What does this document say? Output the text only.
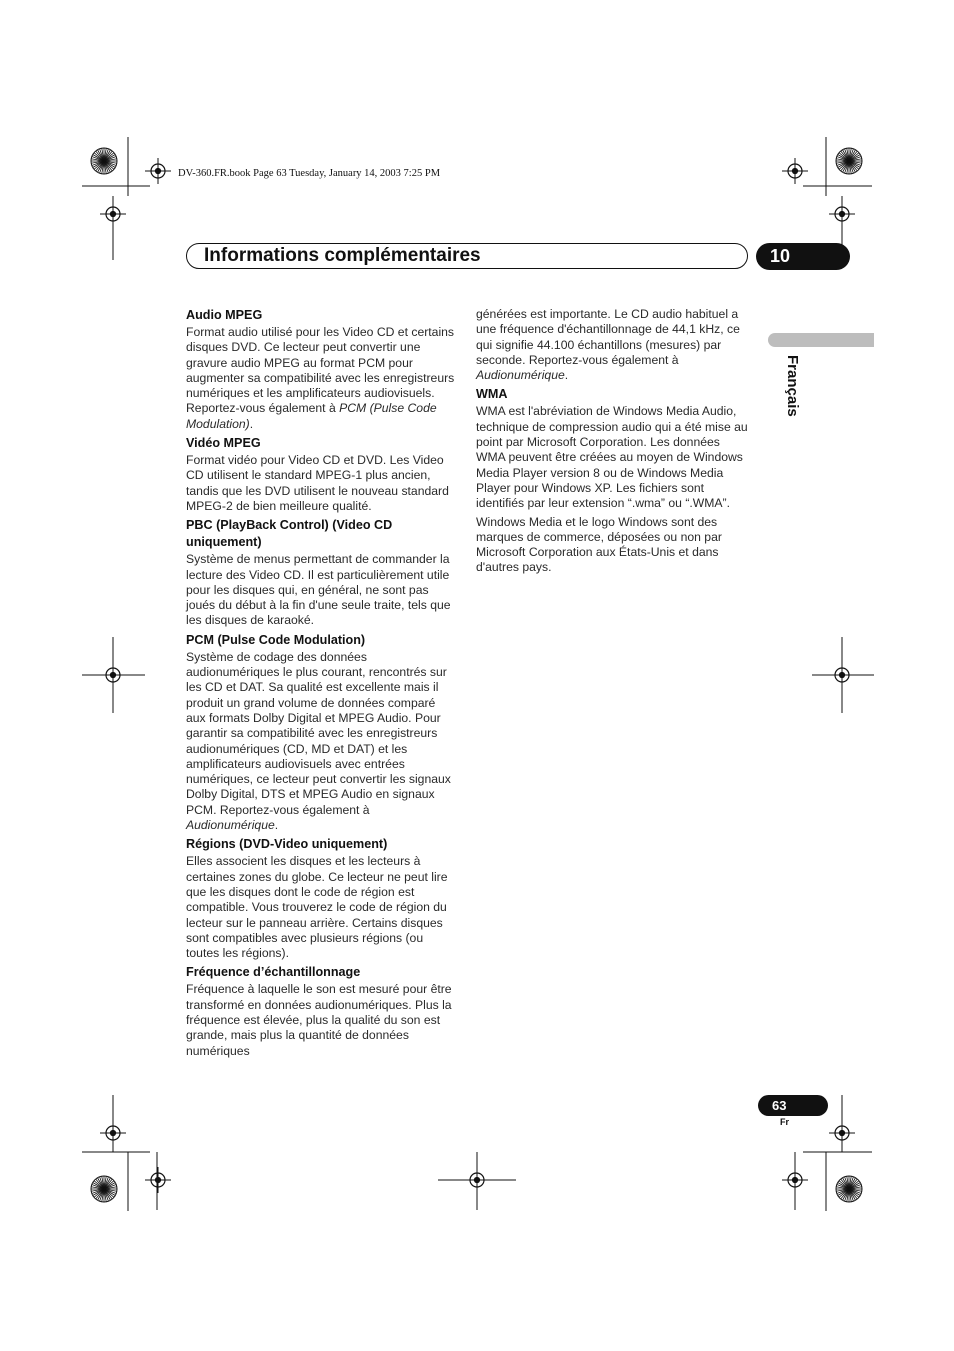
DV-360.FR.book Page 63 Tuesday, January 14, 2003 7:25 PM
Informations complémentaires	10
Français
Audio MPEG

Format audio utilisé pour les Video CD et certains disques DVD. Ce lecteur peut convertir une gravure audio MPEG au format PCM pour augmenter sa compatibilité avec les enregistreurs numériques et les amplificateurs audiovisuels. Reportez-vous également à PCM (Pulse Code Modulation).

Vidéo MPEG

Format vidéo pour Video CD et DVD. Les Video CD utilisent le standard MPEG-1 plus ancien, tandis que les DVD utilisent le nouveau standard MPEG-2 de bien meilleure qualité.

PBC (PlayBack Control) (Video CD uniquement)

Système de menus permettant de commander la lecture des Video CD. Il est particulièrement utile pour les disques qui, en général, ne sont pas joués du début à la fin d'une seule traite, tels que les disques de karaoké.

PCM (Pulse Code Modulation)

Système de codage des données audionumériques le plus courant, rencontrés sur les CD et DAT. Sa qualité est excellente mais il produit un grand volume de données comparé aux formats Dolby Digital et MPEG Audio. Pour garantir sa compatibilité avec les enregistreurs audionumériques (CD, MD et DAT) et les amplificateurs audiovisuels avec entrées numériques, ce lecteur peut convertir les signaux Dolby Digital, DTS et MPEG Audio en signaux PCM. Reportez-vous également à Audionumérique.

Régions (DVD-Video uniquement)

Elles associent les disques et les lecteurs à certaines zones du globe. Ce lecteur ne peut lire que les disques dont le code de région est compatible. Vous trouverez le code de région du lecteur sur le panneau arrière. Certains disques sont compatibles avec plusieurs régions (ou toutes les régions).

Fréquence d’échantillonnage

Fréquence à laquelle le son est mesuré pour être transformé en données audionumériques. Plus la fréquence est élevée, plus la qualité du son est grande, mais plus la quantité de données numériques

générées est importante. Le CD audio habituel a une fréquence d'échantillonnage de 44,1 kHz, ce qui signifie 44.100 échantillons (mesures) par seconde. Reportez-vous également à Audionumérique.

WMA

WMA est l'abréviation de Windows Media Audio, technique de compression audio qui a été mise au point par Microsoft Corporation. Les données WMA peuvent être créées au moyen de Windows Media Player version 8 ou de Windows Media Player pour Windows XP. Les fichiers sont identifiés par leur extension “.wma” ou “.WMA”.

Windows Media et le logo Windows sont des marques de commerce, déposées ou non par Microsoft Corporation aux États-Unis et dans d'autres pays.

63
Fr
